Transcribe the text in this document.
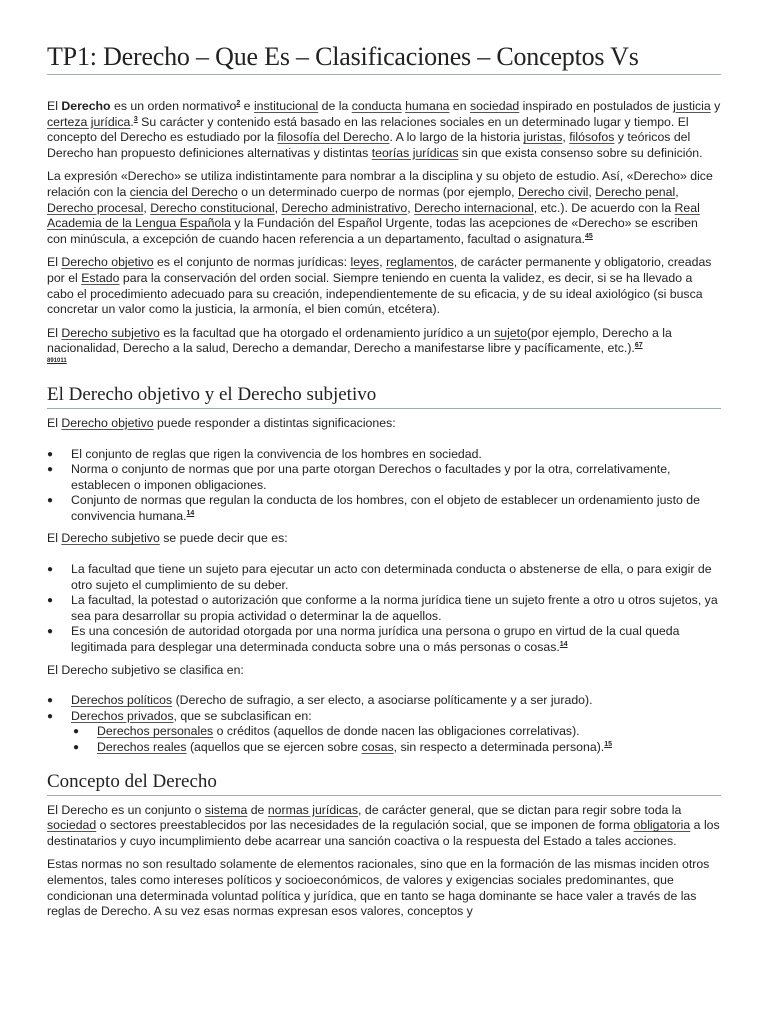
TP1: Derecho – Que Es – Clasificaciones – Conceptos Vs

El Derecho es un orden normativo$^2$ e institucional de la conducta humana en sociedad inspirado en postulados de justicia y certeza jurídica.$^3$ Su carácter y contenido está basado en las relaciones sociales en un determinado lugar y tiempo. El concepto del Derecho es estudiado por la filosofía del Derecho. A lo largo de la historia juristas, filósofos y teóricos del Derecho han propuesto definiciones alternativas y distintas teorías jurídicas sin que exista consenso sobre su definición.

La expresión «Derecho» se utiliza indistintamente para nombrar a la disciplina y su objeto de estudio. Así, «Derecho» dice relación con la ciencia del Derecho o un determinado cuerpo de normas (por ejemplo, Derecho civil, Derecho penal, Derecho procesal, Derecho constitucional, Derecho administrativo, Derecho internacional, etc.). De acuerdo con la Real Academia de la Lengua Española y la Fundación del Español Urgente, todas las acepciones de «Derecho» se escriben con minúscula, a excepción de cuando hacen referencia a un departamento, facultad o asignatura.$^{45}$

El Derecho objetivo es el conjunto de normas jurídicas: leyes, reglamentos, de carácter permanente y obligatorio, creadas por el Estado para la conservación del orden social. Siempre teniendo en cuenta la validez, es decir, si se ha llevado a cabo el procedimiento adecuado para su creación, independientemente de su eficacia, y de su ideal axiológico (si busca concretar un valor como la justicia, la armonía, el bien común, etcétera).

El Derecho subjetivo es la facultad que ha otorgado el ordenamiento jurídico a un sujeto(por ejemplo, Derecho a la nacionalidad, Derecho a la salud, Derecho a demandar, Derecho a manifestarse libre y pacíficamente, etc.).$^{67}$

891011
El Derecho objetivo y el Derecho subjetivo

El Derecho objetivo puede responder a distintas significaciones:

● El conjunto de reglas que rigen la convivencia de los hombres en sociedad.
● Norma o conjunto de normas que por una parte otorgan Derechos o facultades y por la otra, correlativamente, establecen o imponen obligaciones.
● Conjunto de normas que regulan la conducta de los hombres, con el objeto de establecer un ordenamiento justo de convivencia humana.$^{14}$

El Derecho subjetivo se puede decir que es:

● La facultad que tiene un sujeto para ejecutar un acto con determinada conducta o abstenerse de ella, o para exigir de otro sujeto el cumplimiento de su deber.
● La facultad, la potestad o autorización que conforme a la norma jurídica tiene un sujeto frente a otro u otros sujetos, ya sea para desarrollar su propia actividad o determinar la de aquellos.
● Es una concesión de autoridad otorgada por una norma jurídica una persona o grupo en virtud de la cual queda legitimada para desplegar una determinada conducta sobre una o más personas o cosas.$^{14}$

El Derecho subjetivo se clasifica en:

● Derechos políticos (Derecho de sufragio, a ser electo, a asociarse políticamente y a ser jurado).
● Derechos privados, que se subclasifican en:
● Derechos personales o créditos (aquellos de donde nacen las obligaciones correlativas).
● Derechos reales (aquellos que se ejercen sobre cosas, sin respecto a determinada persona).$^{15}$
Concepto del Derecho

El Derecho es un conjunto o sistema de normas jurídicas, de carácter general, que se dictan para regir sobre toda la sociedad o sectores preestablecidos por las necesidades de la regulación social, que se imponen de forma obligatoria a los destinatarios y cuyo incumplimiento debe acarrear una sanción coactiva o la respuesta del Estado a tales acciones.

Estas normas no son resultado solamente de elementos racionales, sino que en la formación de las mismas inciden otros elementos, tales como intereses políticos y socioeconómicos, de valores y exigencias sociales predominantes, que condicionan una determinada voluntad política y jurídica, que en tanto se haga dominante se hace valer a través de las reglas de Derecho. A su vez esas normas expresan esos valores, conceptos y
